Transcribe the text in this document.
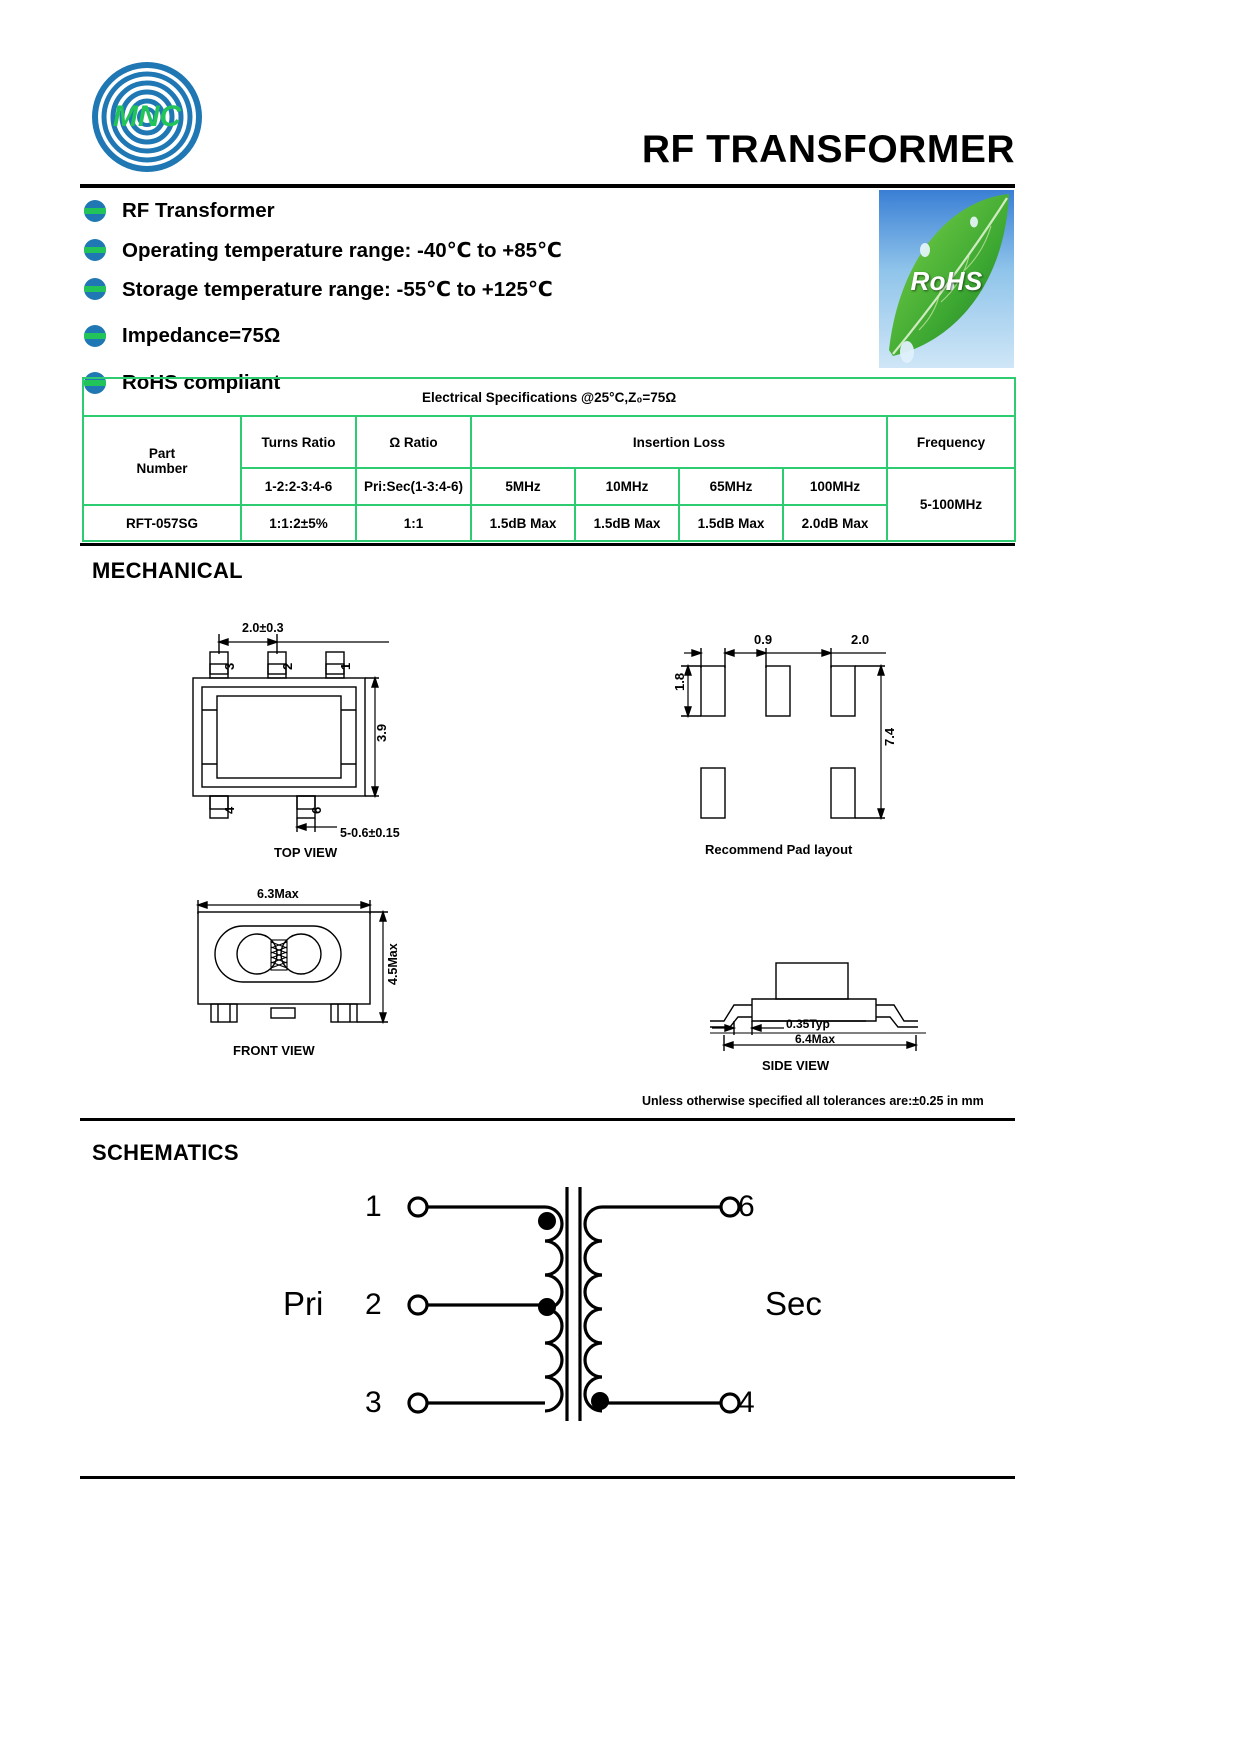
MNC
RF TRANSFORMER
RF Transformer
Operating temperature range: -40℃ to +85℃
Storage temperature range: -55℃ to +125℃
Impedance=75Ω
RoHS compliant
RoHS
Electrical Specifications @25°C,Z₀=75Ω							
Part
Number	Turns Ratio	Ω Ratio	Insertion Loss				Frequency
	1-2:2-3:4-6	Pri:Sec(1-3:4-6)	5MHz	10MHz	65MHz	100MHz	5-100MHz
RFT-057SG	1:1:2±5%	1:1	1.5dB Max	1.5dB Max	1.5dB Max	2.0dB Max	
MECHANICAL
2.0±0.3
5-0.6±0.15
3.9
3	2	1
4	6
TOP VIEW
0.9	2.0
1.8
7.4
Recommend Pad layout
6.3Max
4.5Max
FRONT VIEW
0.35Typ
6.4Max
SIDE VIEW
Unless otherwise specified all tolerances are:±0.25 in mm
SCHEMATICS
1
2
3
6
4
Pri	Sec
